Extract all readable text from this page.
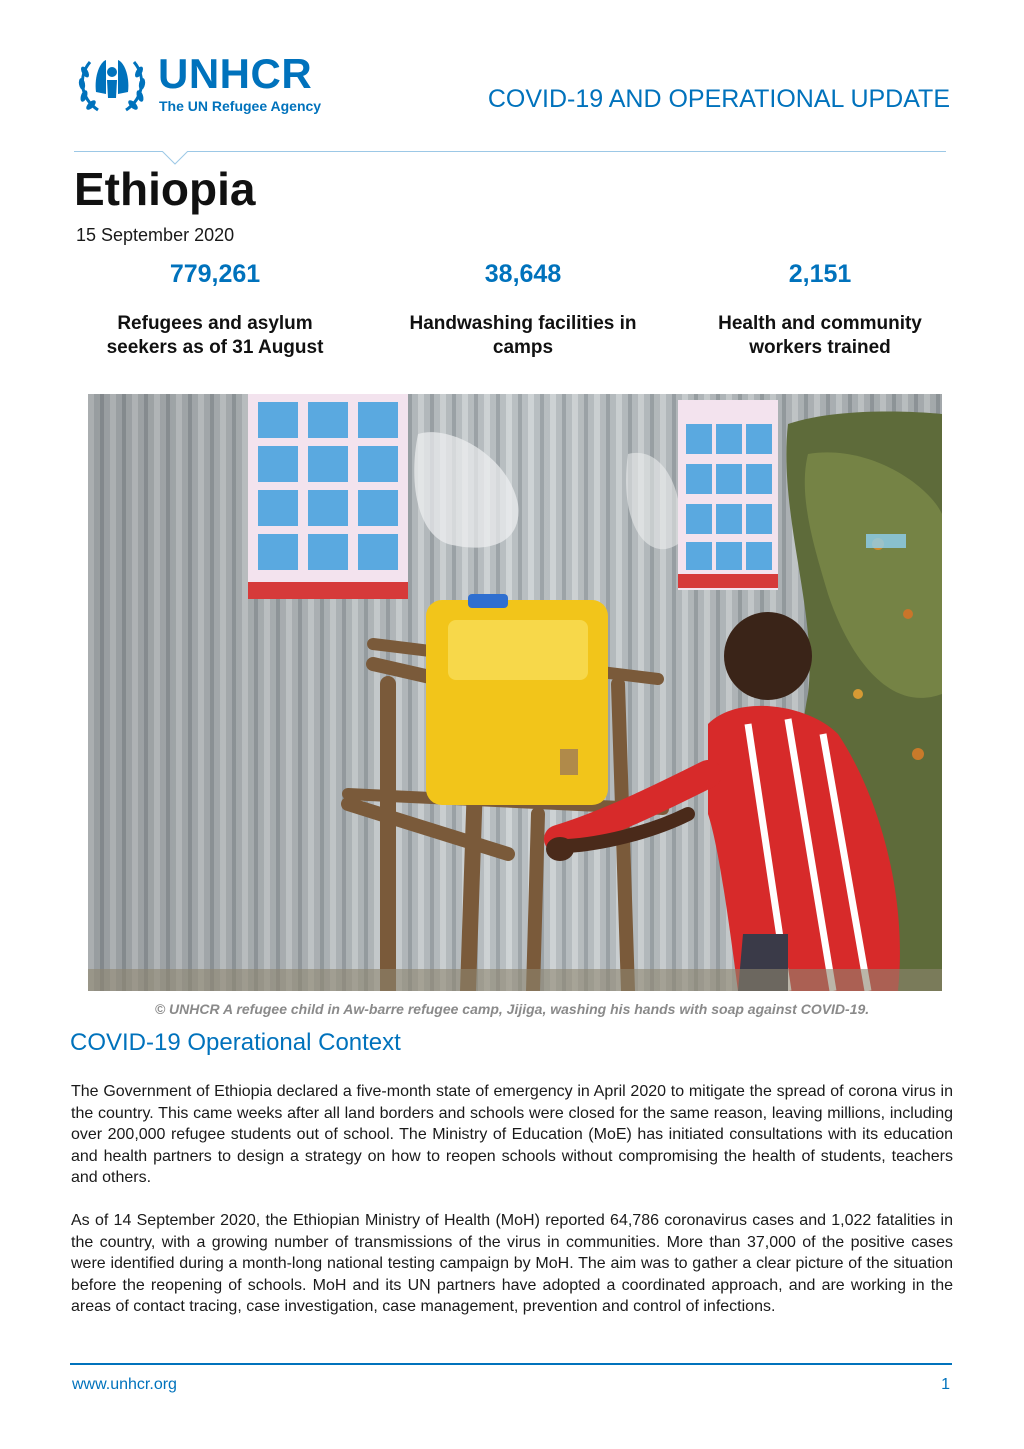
UNHCR
The UN Refugee Agency	COVID-19 AND OPERATIONAL UPDATE
Ethiopia
15 September 2020
779,261
Refugees and asylum
seekers as of 31 August
38,648
Handwashing facilities in
camps
2,151
Health and community
workers trained
© UNHCR A refugee child in Aw-barre refugee camp, Jijiga, washing his hands with soap against COVID-19.
COVID-19 Operational Context
The Government of Ethiopia declared a five-month state of emergency in April 2020 to mitigate the spread of corona virus in the country. This came weeks after all land borders and schools were closed for the same reason, leaving millions, including over 200,000 refugee students out of school. The Ministry of Education (MoE) has initiated consultations with its education and health partners to design a strategy on how to reopen schools without compromising the health of students, teachers and others.
As of 14 September 2020, the Ethiopian Ministry of Health (MoH) reported 64,786 coronavirus cases and 1,022 fatalities in the country, with a growing number of transmissions of the virus in communities. More than 37,000 of the positive cases were identified during a month-long national testing campaign by MoH. The aim was to gather a clear picture of the situation before the reopening of schools. MoH and its UN partners have adopted a coordinated approach, and are working in the areas of contact tracing, case investigation, case management, prevention and control of infections.
www.unhcr.org	1
